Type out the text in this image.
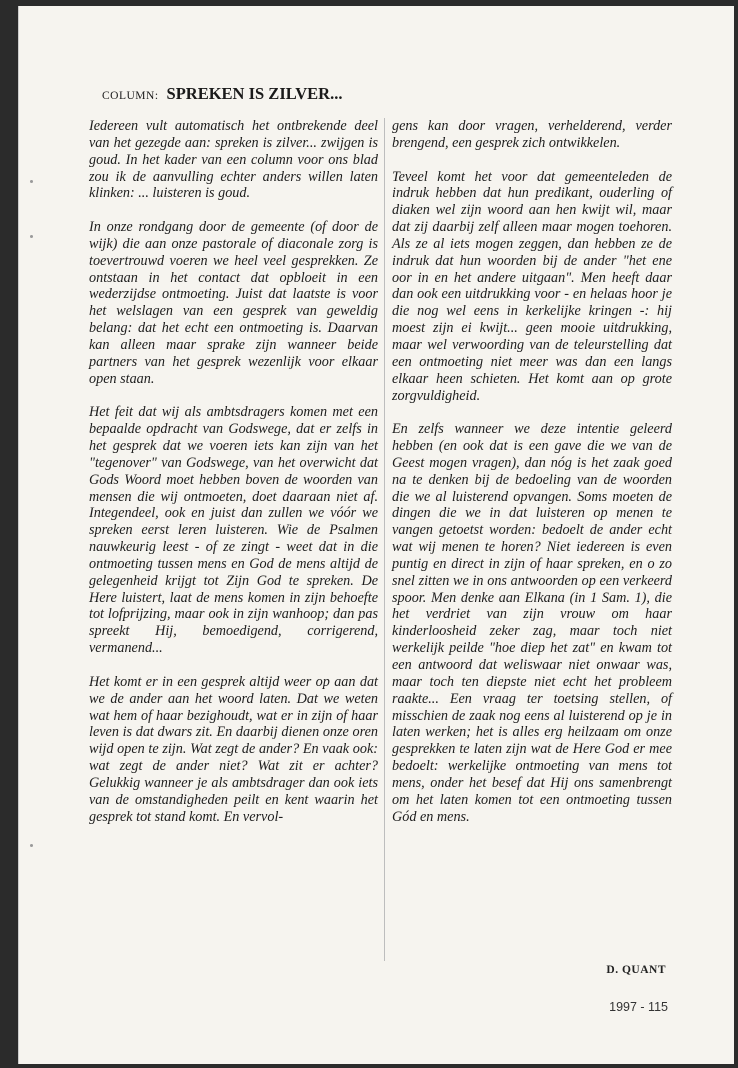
COLUMN: SPREKEN IS ZILVER...

Iedereen vult automatisch het ontbrekende deel van het gezegde aan: spreken is zilver... zwijgen is goud. In het kader van een column voor ons blad zou ik de aanvulling echter anders willen laten klinken: ... luisteren is goud.

In onze rondgang door de gemeente (of door de wijk) die aan onze pastorale of diaconale zorg is toevertrouwd voeren we heel veel gesprekken. Ze ontstaan in het contact dat opbloeit in een wederzijdse ontmoeting. Juist dat laatste is voor het welslagen van een gesprek van geweldig belang: dat het echt een ontmoeting is. Daarvan kan alleen maar sprake zijn wanneer beide partners van het gesprek wezenlijk voor elkaar open staan.

Het feit dat wij als ambtsdragers komen met een bepaalde opdracht van Godswege, dat er zelfs in het gesprek dat we voeren iets kan zijn van het "tegenover" van Godswege, van het overwicht dat Gods Woord moet hebben boven de woorden van mensen die wij ontmoeten, doet daaraan niet af. Integendeel, ook en juist dan zullen we vóór we spreken eerst leren luisteren. Wie de Psalmen nauwkeurig leest - of ze zingt - weet dat in die ontmoeting tussen mens en God de mens altijd de gelegenheid krijgt tot Zijn God te spreken. De Here luistert, laat de mens komen in zijn behoefte tot lofprijzing, maar ook in zijn wanhoop; dan pas spreekt Hij, bemoedigend, corrigerend, vermanend...

Het komt er in een gesprek altijd weer op aan dat we de ander aan het woord laten. Dat we weten wat hem of haar bezighoudt, wat er in zijn of haar leven is dat dwars zit. En daarbij dienen onze oren wijd open te zijn. Wat zegt de ander? En vaak ook: wat zegt de ander niet? Wat zit er achter? Gelukkig wanneer je als ambtsdrager dan ook iets van de omstandigheden peilt en kent waarin het gesprek tot stand komt. En vervol-

gens kan door vragen, verhelderend, verder brengend, een gesprek zich ontwikkelen.

Teveel komt het voor dat gemeenteleden de indruk hebben dat hun predikant, ouderling of diaken wel zijn woord aan hen kwijt wil, maar dat zij daarbij zelf alleen maar mogen toehoren. Als ze al iets mogen zeggen, dan hebben ze de indruk dat hun woorden bij de ander "het ene oor in en het andere uitgaan". Men heeft daar dan ook een uitdrukking voor - en helaas hoor je die nog wel eens in kerkelijke kringen -: hij moest zijn ei kwijt... geen mooie uitdrukking, maar wel verwoording van de teleurstelling dat een ontmoeting niet meer was dan een langs elkaar heen schieten. Het komt aan op grote zorgvuldigheid.

En zelfs wanneer we deze intentie geleerd hebben (en ook dat is een gave die we van de Geest mogen vragen), dan nóg is het zaak goed na te denken bij de bedoeling van de woorden die we al luisterend opvangen. Soms moeten de dingen die we in dat luisteren op menen te vangen getoetst worden: bedoelt de ander echt wat wij menen te horen? Niet iedereen is even puntig en direct in zijn of haar spreken, en o zo snel zitten we in ons antwoorden op een verkeerd spoor. Men denke aan Elkana (in 1 Sam. 1), die het verdriet van zijn vrouw om haar kinderloosheid zeker zag, maar toch niet werkelijk peilde "hoe diep het zat" en kwam tot een antwoord dat weliswaar niet onwaar was, maar toch ten diepste niet echt het probleem raakte... Een vraag ter toetsing stellen, of misschien de zaak nog eens al luisterend op je in laten werken; het is alles erg heilzaam om onze gesprekken te laten zijn wat de Here God er mee bedoelt: werkelijke ontmoeting van mens tot mens, onder het besef dat Hij ons samenbrengt om het laten komen tot een ontmoeting tussen Gód en mens.

D. QUANT
1997 - 115
